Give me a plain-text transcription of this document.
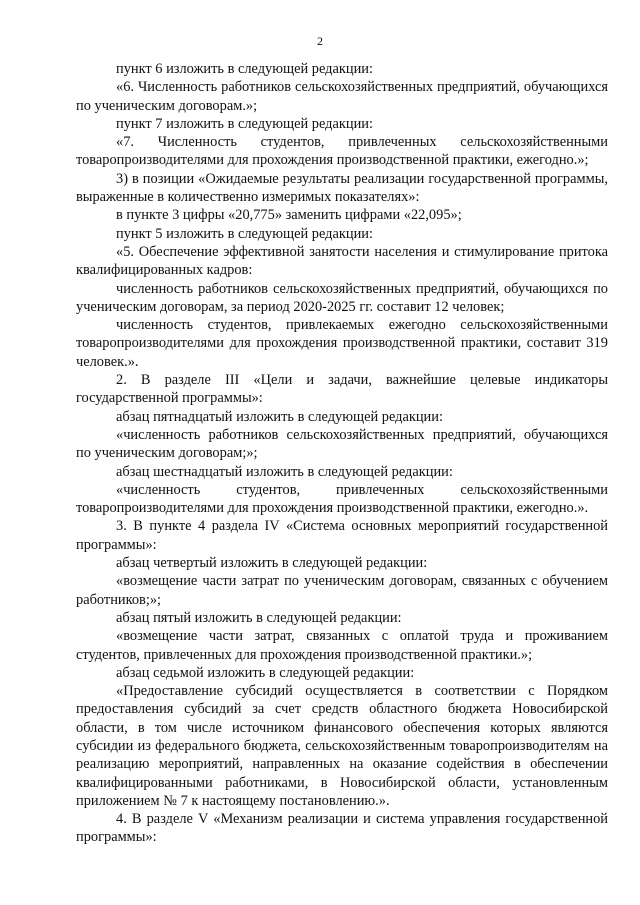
2

пункт 6 изложить в следующей редакции:

«6. Численность работников сельскохозяйственных предприятий, обучающихся по ученическим договорам.»;

пункт 7 изложить в следующей редакции:

«7. Численность студентов, привлеченных сельскохозяйственными товаропроизводителями для прохождения производственной практики, ежегодно.»;

3) в позиции «Ожидаемые результаты реализации государственной программы, выраженные в количественно измеримых показателях»:

в пункте 3 цифры «20,775» заменить цифрами «22,095»;

пункт 5 изложить в следующей редакции:

«5. Обеспечение эффективной занятости населения и стимулирование притока квалифицированных кадров:

численность работников сельскохозяйственных предприятий, обучающихся по ученическим договорам, за период 2020-2025 гг. составит 12 человек;

численность студентов, привлекаемых ежегодно сельскохозяйственными товаропроизводителями для прохождения производственной практики, составит 319 человек.».

2. В разделе III «Цели и задачи, важнейшие целевые индикаторы государственной программы»:

абзац пятнадцатый изложить в следующей редакции:

«численность работников сельскохозяйственных предприятий, обучающихся по ученическим договорам;»;

абзац шестнадцатый изложить в следующей редакции:

«численность студентов, привлеченных сельскохозяйственными товаропроизводителями для прохождения производственной практики, ежегодно.».

3. В пункте 4 раздела IV «Система основных мероприятий государственной программы»:

абзац четвертый изложить в следующей редакции:

«возмещение части затрат по ученическим договорам, связанных с обучением работников;»;

абзац пятый изложить в следующей редакции:

«возмещение части затрат, связанных с оплатой труда и проживанием студентов, привлеченных для прохождения производственной практики.»;

абзац седьмой изложить в следующей редакции:

«Предоставление субсидий осуществляется в соответствии с Порядком предоставления субсидий за счет средств областного бюджета Новосибирской области, в том числе источником финансового обеспечения которых являются субсидии из федерального бюджета, сельскохозяйственным товаропроизводителям на реализацию мероприятий, направленных на оказание содействия в обеспечении квалифицированными работниками, в Новосибирской области, установленным приложением № 7 к настоящему постановлению.».

4. В разделе V «Механизм реализации и система управления государственной программы»:
